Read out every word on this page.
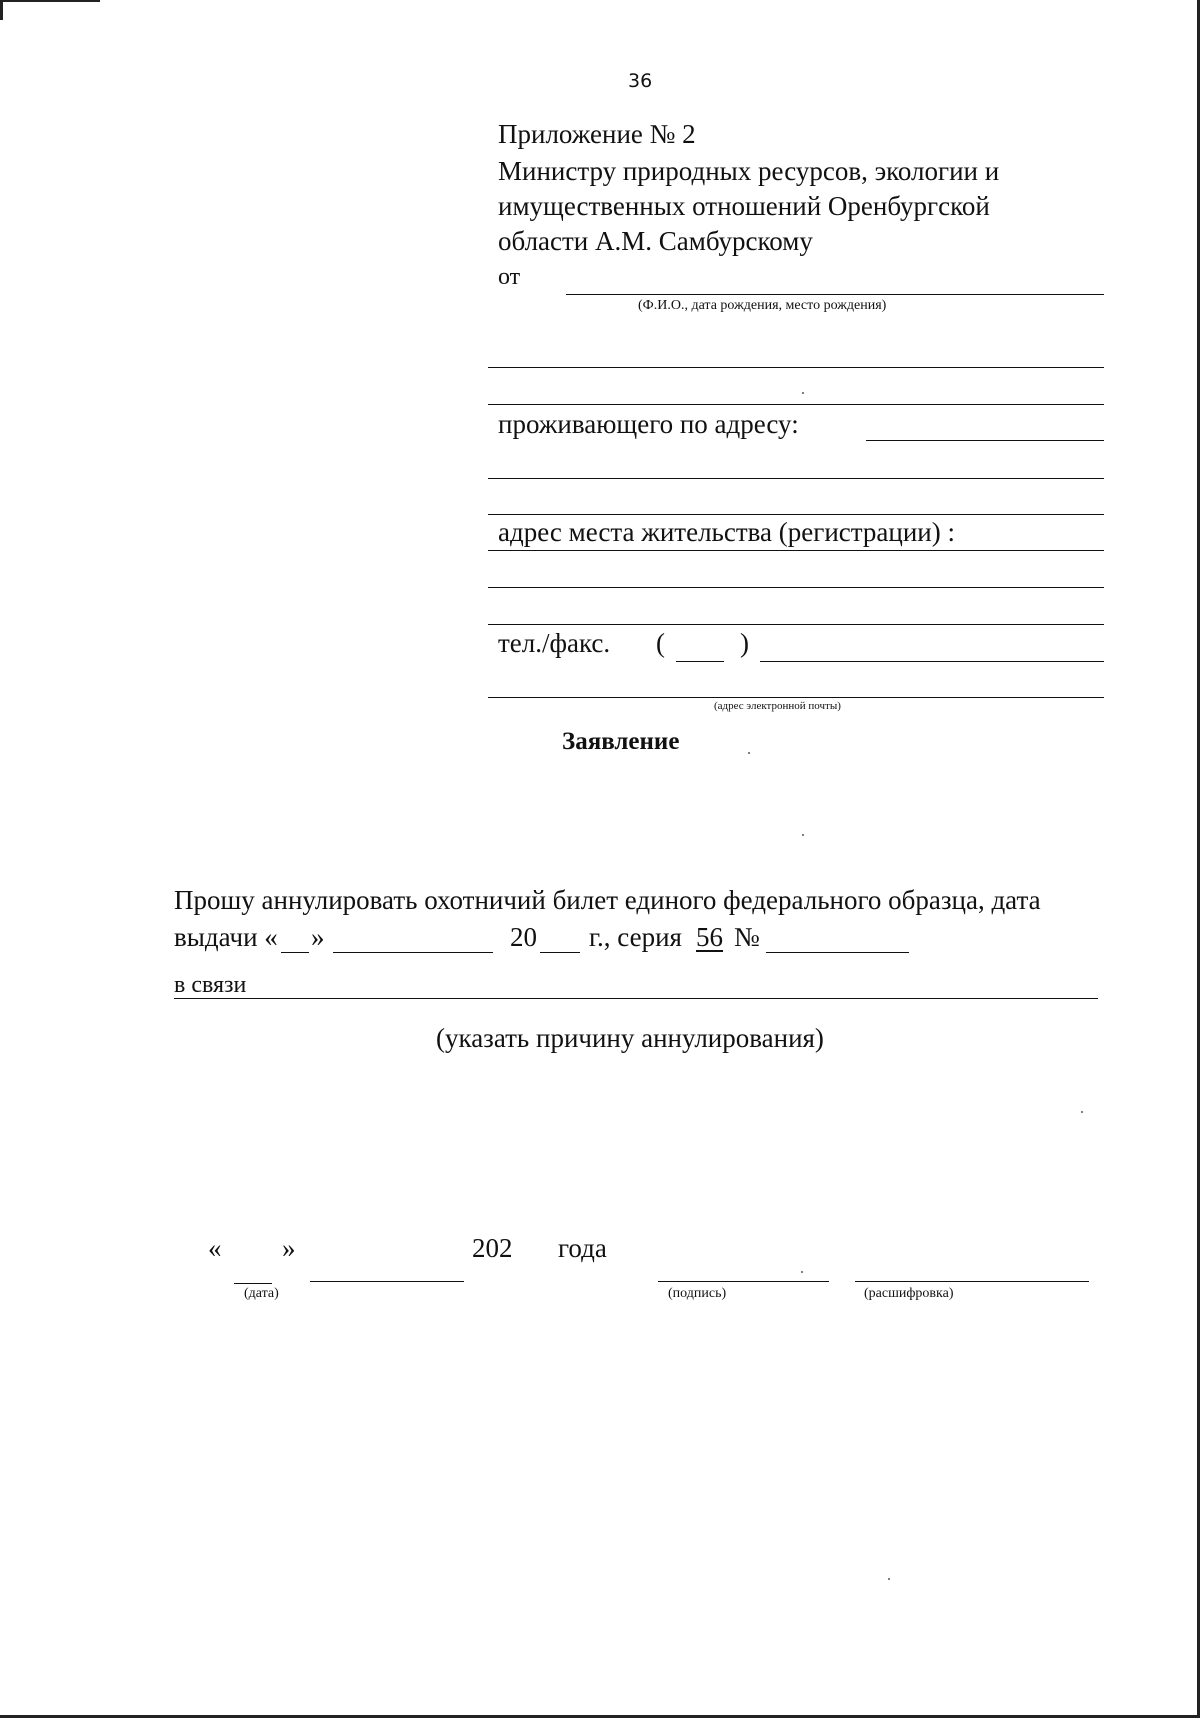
36
Приложение № 2
Министру природных ресурсов, экологии и
имущественных отношений Оренбургской
области А.М. Самбурскому
от
(Ф.И.О., дата рождения, место рождения)
проживающего по адресу:
адрес места жительства (регистрации) :
тел./факс. (	)
(адрес электронной почты)
Заявление
Прошу аннулировать охотничий билет единого федерального образца, дата
выдачи « »	20 г., серия 56 №
в связи
(указать причину аннулирования)
« »	202 года
(дата)	(подпись)	(расшифровка)
